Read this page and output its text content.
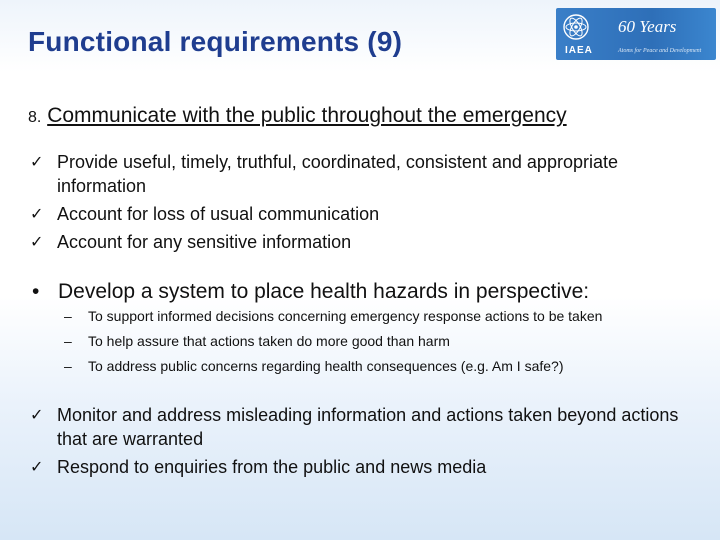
Functional requirements (9)	IAEA
60 Years
Atoms for Peace and Development
8. Communicate with the public throughout the emergency
✓ Provide useful, timely, truthful, coordinated, consistent and appropriate information
✓ Account for loss of usual communication
✓ Account for any sensitive information
• Develop a system to place health hazards in perspective:
– To support informed decisions concerning emergency response actions to be taken
– To help assure that actions taken do more good than harm
– To address public concerns regarding health consequences (e.g. Am I safe?)
✓ Monitor and address misleading information and actions taken beyond actions that are warranted
✓ Respond to enquiries from the public and news media
